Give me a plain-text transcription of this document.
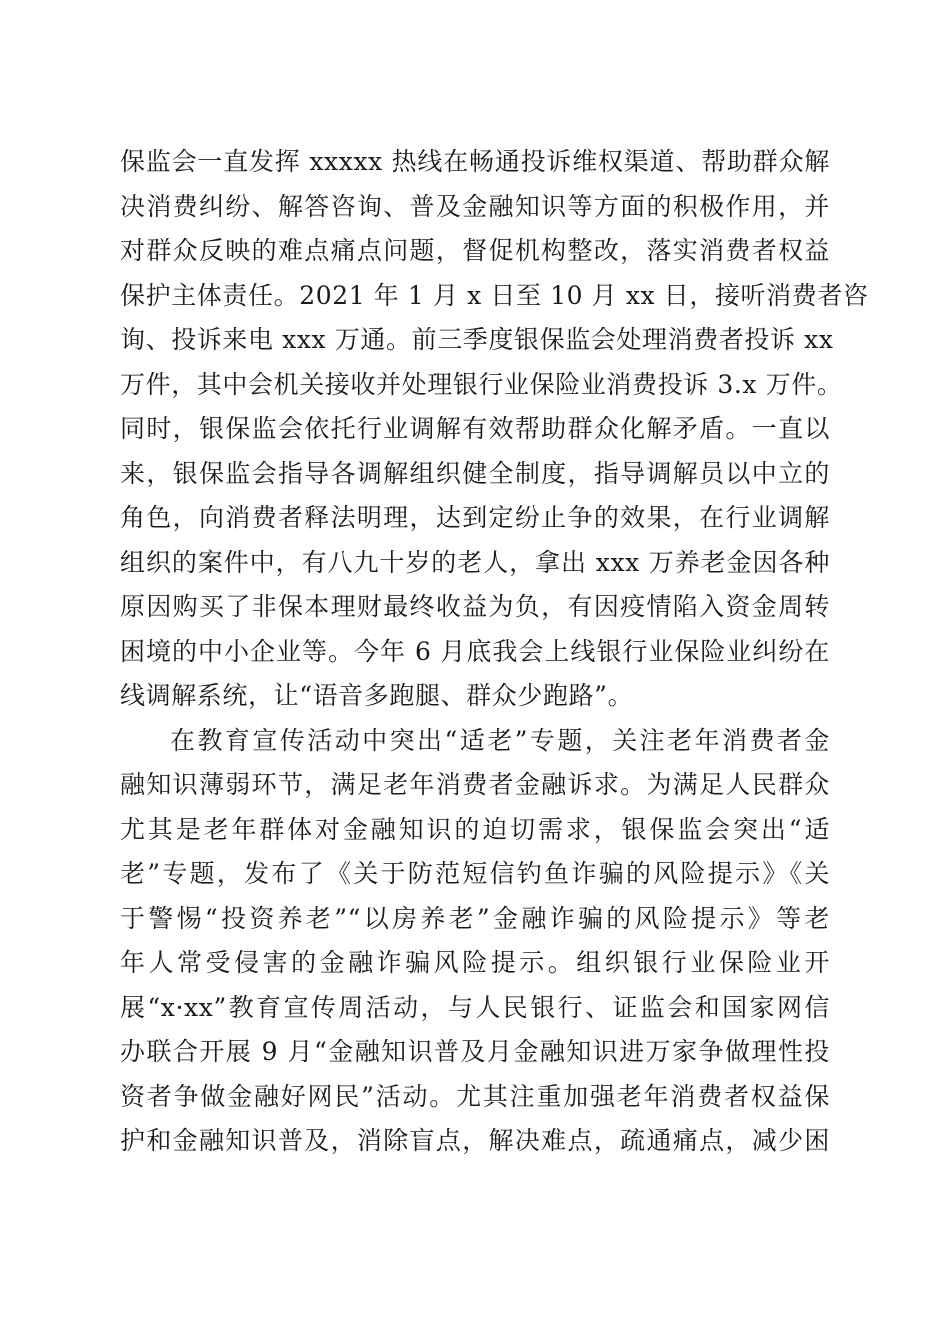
保监会一直发挥 xxxxx 热线在畅通投诉维权渠道、帮助群众解
决消费纠纷、解答咨询、普及金融知识等方面的积极作用，并
对群众反映的难点痛点问题，督促机构整改，落实消费者权益
保护主体责任。2021 年 1 月 x 日至 10 月 xx 日，接听消费者咨
询、投诉来电 xxx 万通。前三季度银保监会处理消费者投诉 xx
万件，其中会机关接收并处理银行业保险业消费投诉 3.x 万件。
同时，银保监会依托行业调解有效帮助群众化解矛盾。一直以
来，银保监会指导各调解组织健全制度，指导调解员以中立的
角色，向消费者释法明理，达到定纷止争的效果，在行业调解
组织的案件中，有八九十岁的老人，拿出 xxx 万养老金因各种
原因购买了非保本理财最终收益为负，有因疫情陷入资金周转
困境的中小企业等。今年 6 月底我会上线银行业保险业纠纷在
线调解系统，让“语音多跑腿、群众少跑路”。
在教育宣传活动中突出“适老”专题，关注老年消费者金
融知识薄弱环节，满足老年消费者金融诉求。为满足人民群众
尤其是老年群体对金融知识的迫切需求，银保监会突出“适
老”专题，发布了《关于防范短信钓鱼诈骗的风险提示》《关
于警惕“投资养老”“以房养老”金融诈骗的风险提示》等老
年人常受侵害的金融诈骗风险提示。组织银行业保险业开
展“x·xx”教育宣传周活动，与人民银行、证监会和国家网信
办联合开展 9 月“金融知识普及月金融知识进万家争做理性投
资者争做金融好网民”活动。尤其注重加强老年消费者权益保
护和金融知识普及，消除盲点，解决难点，疏通痛点，减少困
